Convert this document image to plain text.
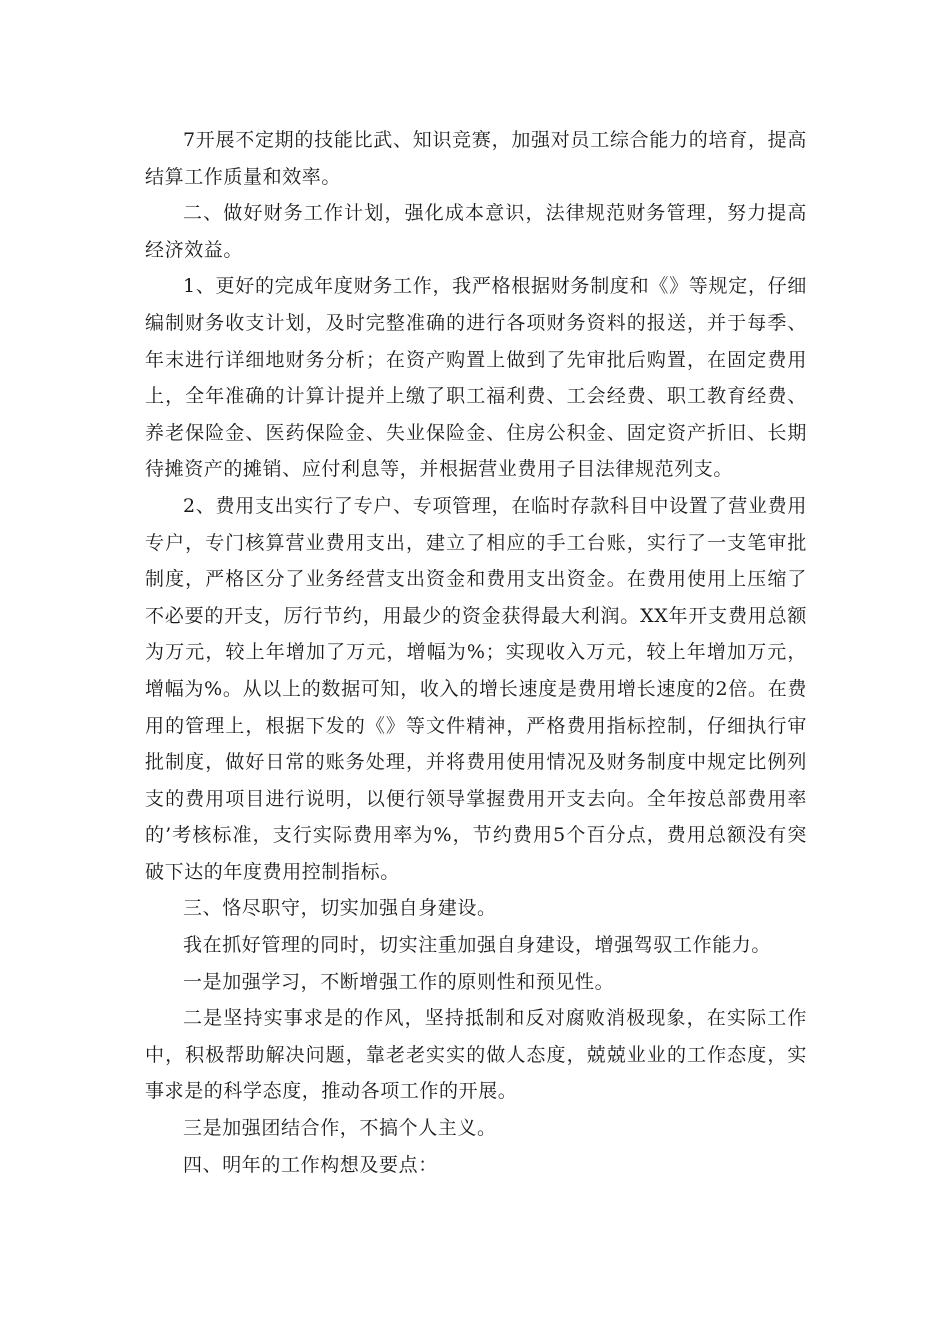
7开展不定期的技能比武、知识竞赛，加强对员工综合能力的培育，提高结算工作质量和效率。

二、做好财务工作计划，强化成本意识，法律规范财务管理，努力提高经济效益。

1、更好的完成年度财务工作，我严格根据财务制度和《》等规定，仔细编制财务收支计划，及时完整准确的进行各项财务资料的报送，并于每季、年末进行详细地财务分析；在资产购置上做到了先审批后购置，在固定费用上，全年准确的计算计提并上缴了职工福利费、工会经费、职工教育经费、养老保险金、医药保险金、失业保险金、住房公积金、固定资产折旧、长期待摊资产的摊销、应付利息等，并根据营业费用子目法律规范列支。

2、费用支出实行了专户、专项管理，在临时存款科目中设置了营业费用专户，专门核算营业费用支出，建立了相应的手工台账，实行了一支笔审批制度，严格区分了业务经营支出资金和费用支出资金。在费用使用上压缩了不必要的开支，厉行节约，用最少的资金获得最大利润。XX年开支费用总额为万元，较上年增加了万元，增幅为%；实现收入万元，较上年增加万元，增幅为%。从以上的数据可知，收入的增长速度是费用增长速度的2倍。在费用的管理上，根据下发的《》等文件精神，严格费用指标控制，仔细执行审批制度，做好日常的账务处理，并将费用使用情况及财务制度中规定比例列支的费用项目进行说明，以便行领导掌握费用开支去向。全年按总部费用率的’考核标准，支行实际费用率为%，节约费用5个百分点，费用总额没有突破下达的年度费用控制指标。

三、恪尽职守，切实加强自身建设。

我在抓好管理的同时，切实注重加强自身建设，增强驾驭工作能力。

一是加强学习，不断增强工作的原则性和预见性。

二是坚持实事求是的作风，坚持抵制和反对腐败消极现象，在实际工作中，积极帮助解决问题，靠老老实实的做人态度，兢兢业业的工作态度，实事求是的科学态度，推动各项工作的开展。

三是加强团结合作，不搞个人主义。

四、明年的工作构想及要点：
